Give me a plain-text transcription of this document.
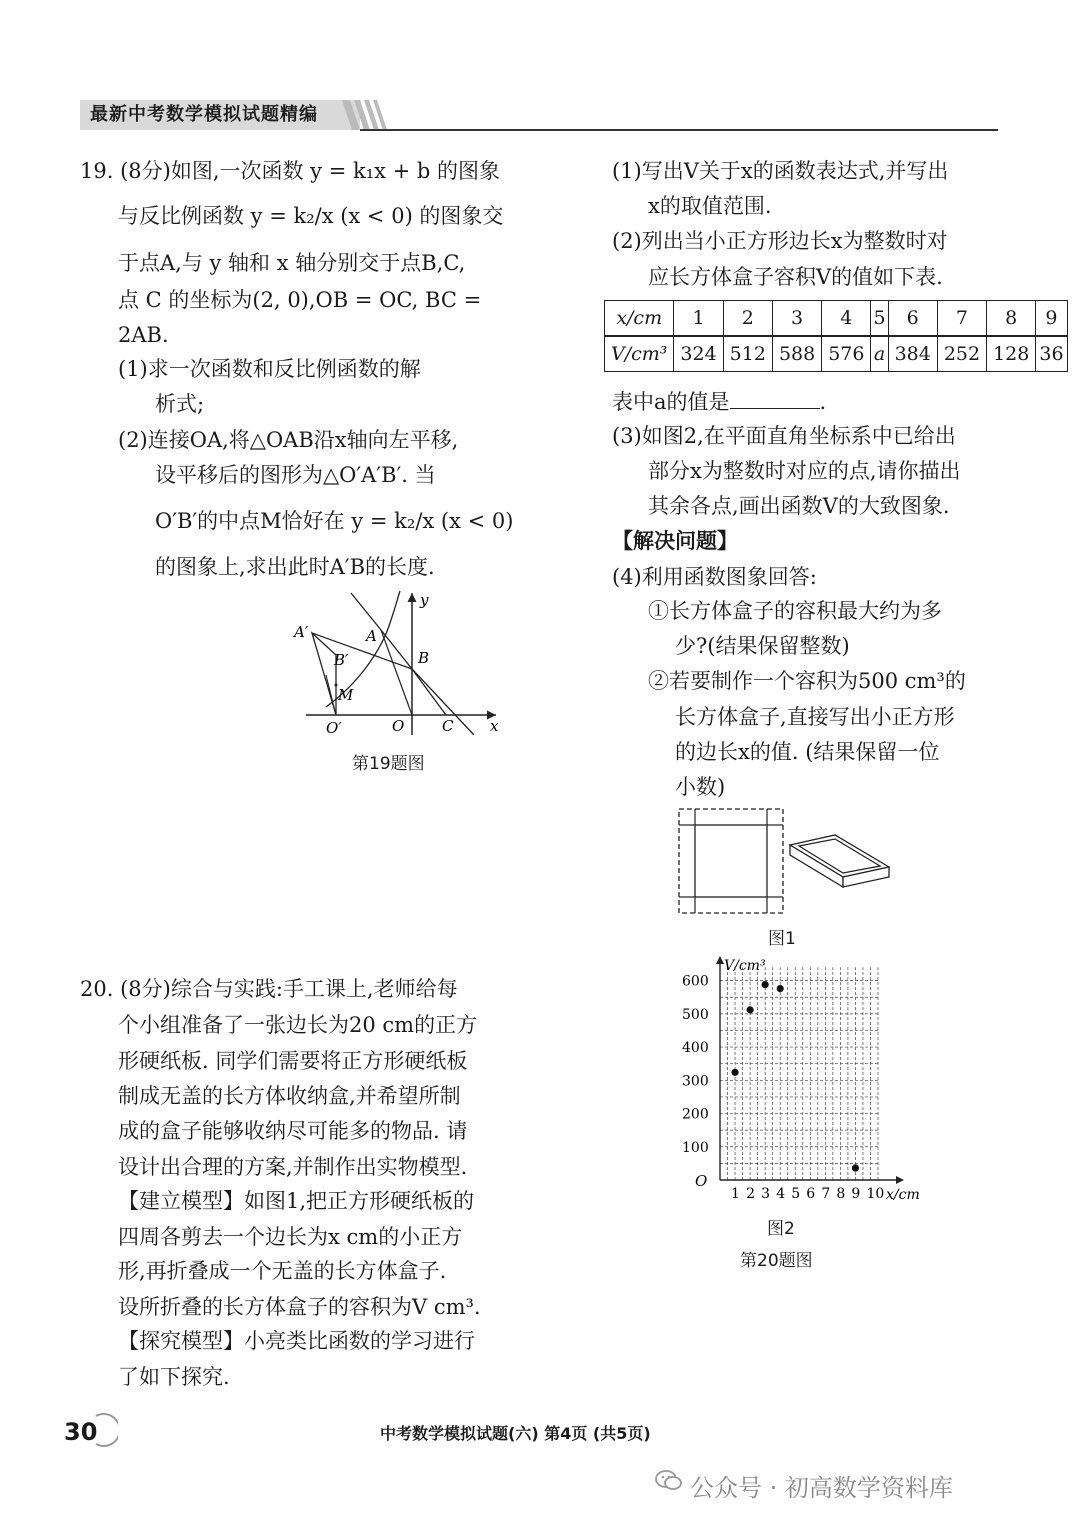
最新中考数学模拟试题精编
19. (8分)如图,一次函数 y = k₁x + b 的图象
与反比例函数 y = k₂/x (x < 0) 的图象交
于点A,与 y 轴和 x 轴分别交于点B,C,
点 C 的坐标为(2, 0),OB = OC, BC =
2AB.
(1)求一次函数和反比例函数的解
析式;
(2)连接OA,将△OAB沿x轴向左平移,
设平移后的图形为△O′A′B′. 当
O′B′的中点M恰好在 y = k₂/x (x < 0)
的图象上,求出此时A′B的长度.
A′	A
B′	B
M
O′	O	C
y
x
第19题图
20. (8分)综合与实践:手工课上,老师给每
个小组准备了一张边长为20 cm的正方
形硬纸板. 同学们需要将正方形硬纸板
制成无盖的长方体收纳盒,并希望所制
成的盒子能够收纳尽可能多的物品. 请
设计出合理的方案,并制作出实物模型.
【建立模型】如图1,把正方形硬纸板的
四周各剪去一个边长为x cm的小正方
形,再折叠成一个无盖的长方体盒子.
设所折叠的长方体盒子的容积为V cm³.
【探究模型】小亮类比函数的学习进行
了如下探究.
(1)写出V关于x的函数表达式,并写出
x的取值范围.
(2)列出当小正方形边长x为整数时对
应长方体盒子容积V的值如下表.
x/cm	1	2	3	4	5	6	7	8	9
V/cm³	324	512	588	576	a	384	252	128	36
表中a的值是	.
(3)如图2,在平面直角坐标系中已给出
部分x为整数时对应的点,请你描出
其余各点,画出函数V的大致图象.
【解决问题】
(4)利用函数图象回答:
①长方体盒子的容积最大约为多
少?(结果保留整数)
②若要制作一个容积为500 cm³的
长方体盒子,直接写出小正方形
的边长x的值. (结果保留一位
小数)
图1
1 2 3 4 5 6 7 8 9 10
100
200
300
400
500
600
V/cm³
x/cm
O
图2
第20题图
30	中考数学模拟试题(六) 第4页 (共5页)
公众号 · 初高数学资料库
